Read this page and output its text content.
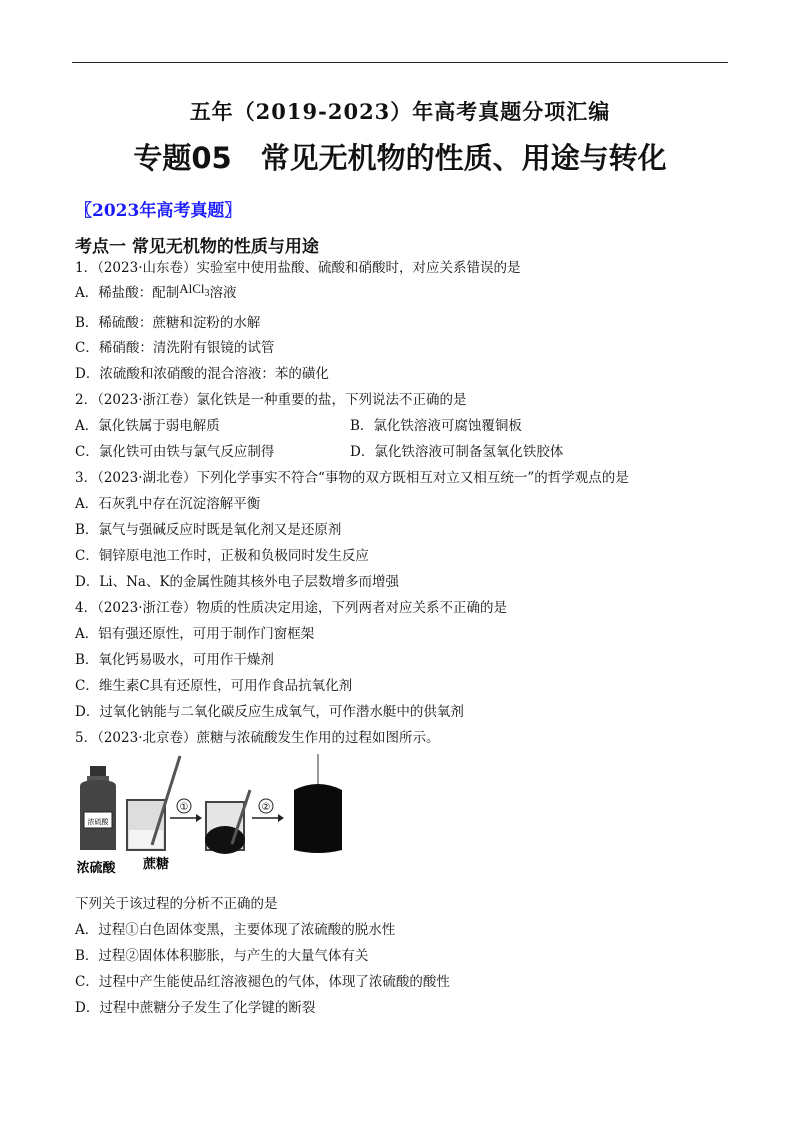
五年（2019-2023）年高考真题分项汇编
专题05　常见无机物的性质、用途与转化
〖2023年高考真题〗
考点一 常见无机物的性质与用途
1．（2023·山东卷）实验室中使用盐酸、硫酸和硝酸时，对应关系错误的是
A．稀盐酸：配制AlCl$_3$溶液
B．稀硫酸：蔗糖和淀粉的水解
C．稀硝酸：清洗附有银镜的试管
D．浓硫酸和浓硝酸的混合溶液：苯的磺化
2．（2023·浙江卷）氯化铁是一种重要的盐，下列说法不正确的是
A．氯化铁属于弱电解质	B．氯化铁溶液可腐蚀覆铜板
C．氯化铁可由铁与氯气反应制得	D．氯化铁溶液可制备氢氧化铁胶体
3．（2023·湖北卷）下列化学事实不符合“事物的双方既相互对立又相互统一”的哲学观点的是
A．石灰乳中存在沉淀溶解平衡
B．氯气与强碱反应时既是氧化剂又是还原剂
C．铜锌原电池工作时，正极和负极同时发生反应
D．Li、Na、K的金属性随其核外电子层数增多而增强
4．（2023·浙江卷）物质的性质决定用途，下列两者对应关系不正确的是
A．铝有强还原性，可用于制作门窗框架
B．氧化钙易吸水，可用作干燥剂
C．维生素C具有还原性，可用作食品抗氧化剂
D．过氧化钠能与二氧化碳反应生成氧气，可作潜水艇中的供氧剂
5．（2023·北京卷）蔗糖与浓硫酸发生作用的过程如图所示。
浓硫酸
①	②
浓硫酸 蔗糖
下列关于该过程的分析不正确的是
A．过程①白色固体变黑，主要体现了浓硫酸的脱水性
B．过程②固体体积膨胀，与产生的大量气体有关
C．过程中产生能使品红溶液褪色的气体，体现了浓硫酸的酸性
D．过程中蔗糖分子发生了化学键的断裂
